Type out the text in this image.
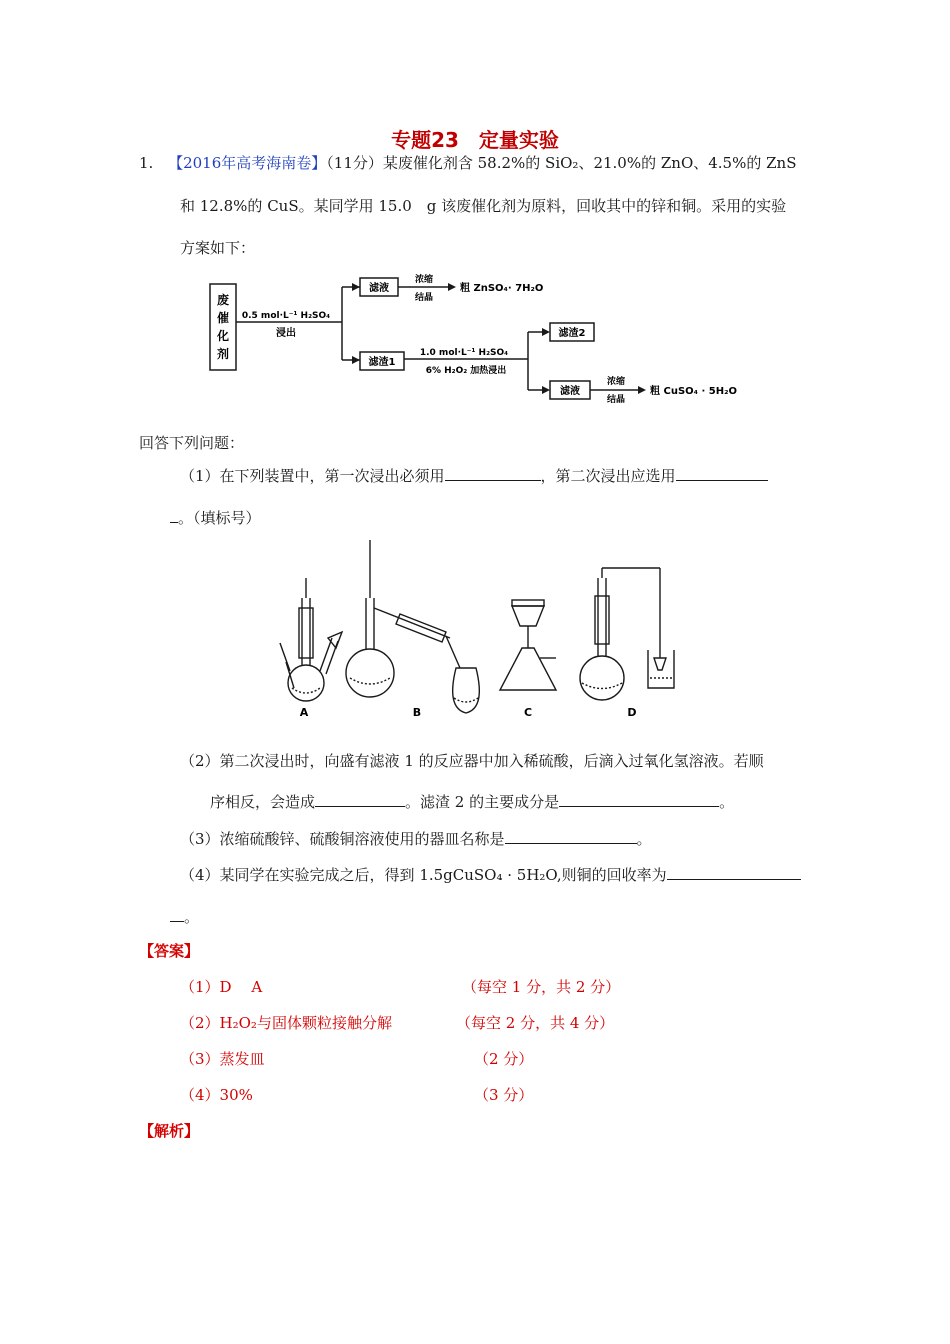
专题23　定量实验
1. 【2016年高考海南卷】（11分）某废催化剂含 58.2%的 SiO₂、21.0%的 ZnO、4.5%的 ZnS
和 12.8%的 CuS。某同学用 15.0　g 该废催化剂为原料，回收其中的锌和铜。采用的实验
方案如下：
废
催
化
剂
0.5 mol·L⁻¹ H₂SO₄
浸出
滤液
浓缩
结晶
粗 ZnSO₄· 7H₂O
滤渣1
1.0 mol·L⁻¹ H₂SO₄
6% H₂O₂ 加热浸出
滤渣2
滤液
浓缩
结晶
粗 CuSO₄ · 5H₂O
回答下列问题：
（1）在下列装置中，第一次浸出必须用	，第二次浸出应选用
。（填标号）
A	B	C	D
（2）第二次浸出时，向盛有滤液 1 的反应器中加入稀硫酸，后滴入过氧化氢溶液。若顺
序相反，会造成	。滤渣 2 的主要成分是	。
（3）浓缩硫酸锌、硫酸铜溶液使用的器皿名称是	。
（4）某同学在实验完成之后，得到 1.5gCuSO₄ · 5H₂O,则铜的回收率为
。
【答案】
（1）D　 A	（每空 1 分，共 2 分）
（2）H₂O₂与固体颗粒接触分解	（每空 2 分，共 4 分）
（3）蒸发皿	（2 分）
（4）30%	（3 分）
【解析】
